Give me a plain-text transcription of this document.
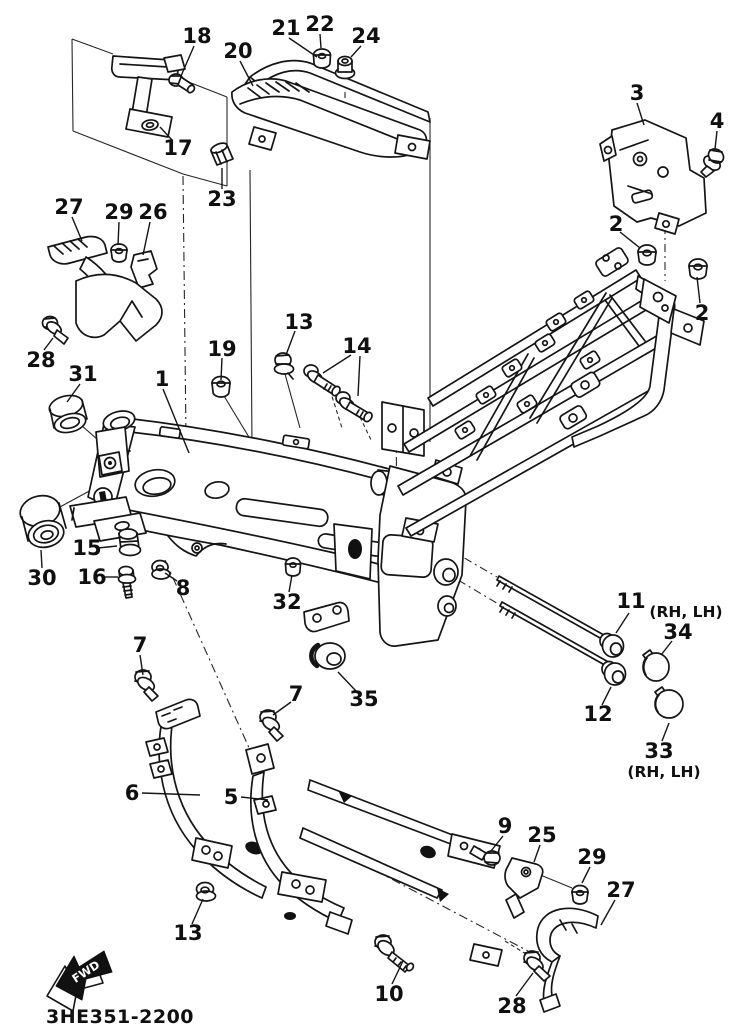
FWD
3HE351-2200
18
20
21 22 24
17
23
3
4
2
2
27 29 26
28
31	1
19
13
14
15
16
30	8
32	11
34
12
33
35
7
7
6	5
13
9 25
29
27
10	28
(RH, LH)
(RH, LH)
